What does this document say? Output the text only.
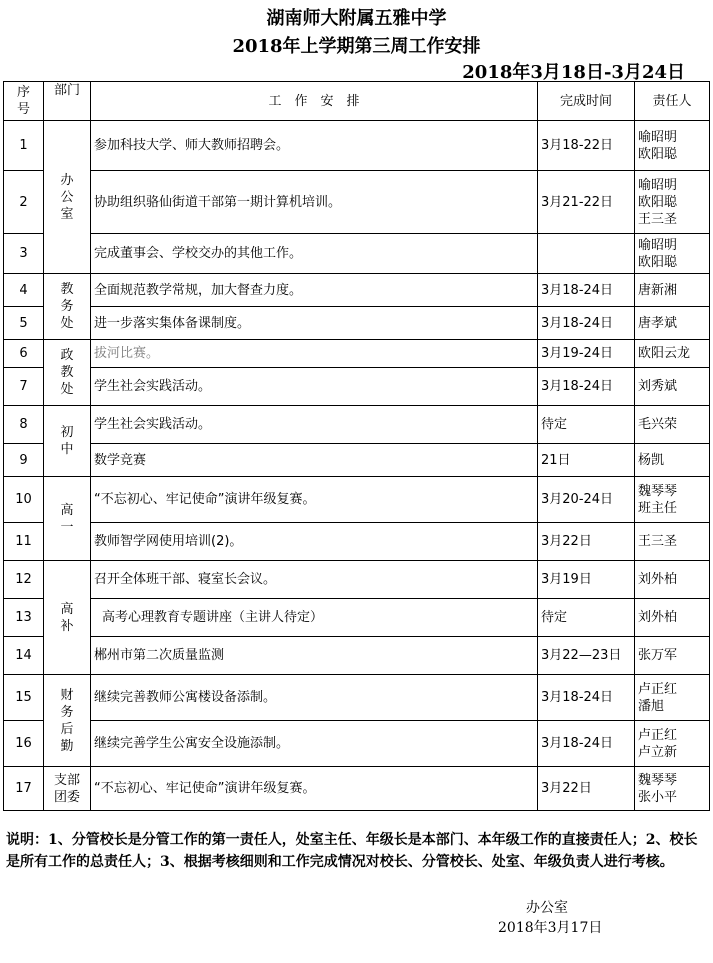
湖南师大附属五雅中学
2018年上学期第三周工作安排
2018年3月18日-3月24日
序
号	部门	工　作　安　排	完成时间	责任人
1	办
公
室	参加科技大学、师大教师招聘会。	3月18-22日	喻昭明
欧阳聪
2		协助组织骆仙街道干部第一期计算机培训。	3月21-22日	喻昭明
欧阳聪
王三圣
3		完成董事会、学校交办的其他工作。		喻昭明
欧阳聪
4	教
务
处	全面规范教学常规，加大督查力度。	3月18-24日	唐新湘
5		进一步落实集体备课制度。	3月18-24日	唐孝斌
6	政
教
处	拔河比赛。	3月19-24日	欧阳云龙
7		学生社会实践活动。	3月18-24日	刘秀斌
8	初
中	学生社会实践活动。	待定	毛兴荣
9		数学竞赛	21日	杨凯
10	高
一	“不忘初心、牢记使命”演讲年级复赛。	3月20-24日	魏琴琴
班主任
11		教师智学网使用培训(2)。	3月22日	王三圣
12	高
补	召开全体班干部、寝室长会议。	3月19日	刘外柏
13		高考心理教育专题讲座（主讲人待定）	待定	刘外柏
14		郴州市第二次质量监测	3月22—23日	张万军
15	财
务
后
勤	继续完善教师公寓楼设备添制。	3月18-24日	卢正红
潘旭
16		继续完善学生公寓安全设施添制。	3月18-24日	卢正红
卢立新
17	支部
团委	“不忘初心、牢记使命”演讲年级复赛。	3月22日	魏琴琴
张小平
说明：1、分管校长是分管工作的第一责任人，处室主任、年级长是本部门、本年级工作的直接责任人；2、校长是所有工作的总责任人；3、根据考核细则和工作完成情况对校长、分管校长、处室、年级负责人进行考核。
办公室
2018年3月17日
